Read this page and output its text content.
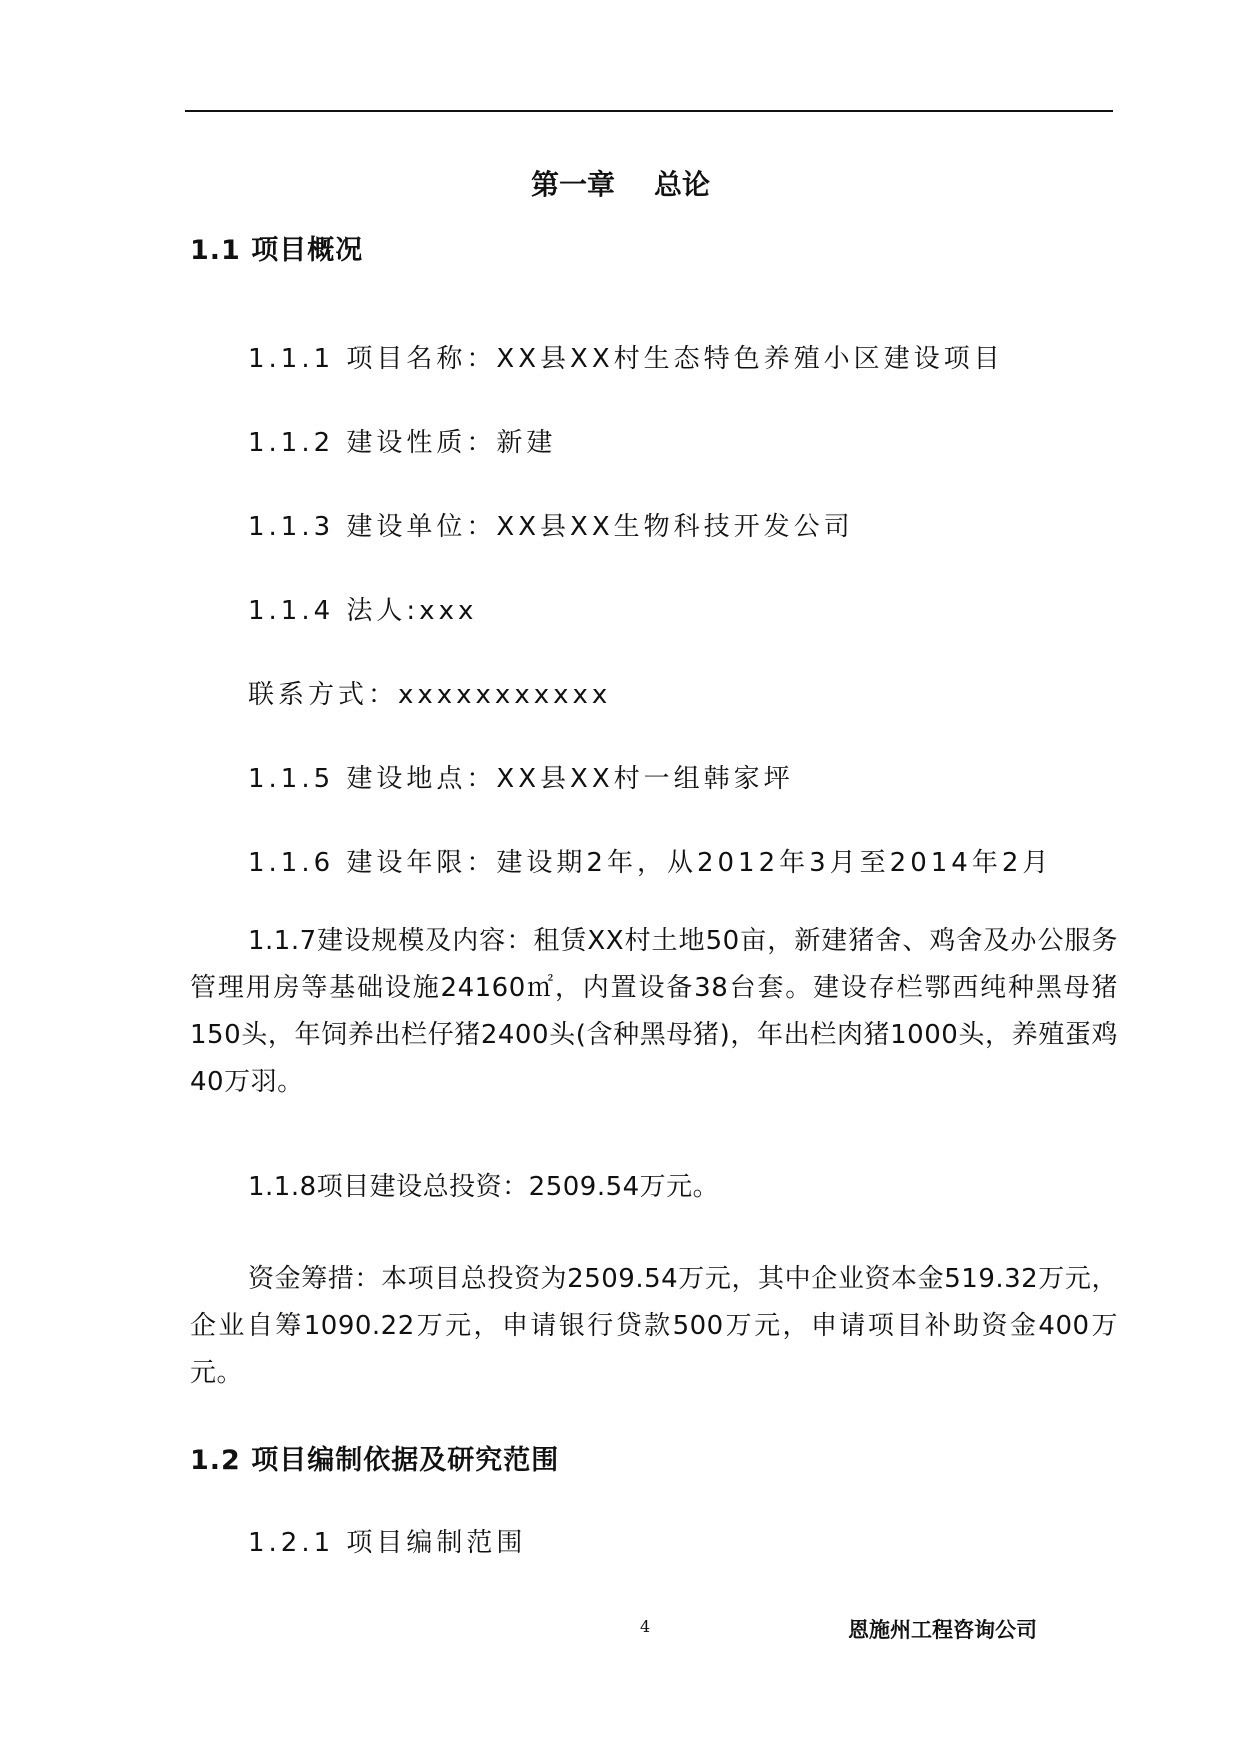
第一章    总论
1.1 项目概况
1.1.1 项目名称：XX县XX村生态特色养殖小区建设项目
1.1.2 建设性质：新建
1.1.3 建设单位：XX县XX生物科技开发公司
1.1.4 法人:xxx
联系方式：xxxxxxxxxxx
1.1.5 建设地点：XX县XX村一组韩家坪
1.1.6 建设年限：建设期2年，从2012年3月至2014年2月
1.1.7建设规模及内容：租赁XX村土地50亩，新建猪舍、鸡舍及办公服务管理用房等基础设施24160㎡，内置设备38台套。建设存栏鄂西纯种黑母猪150头，年饲养出栏仔猪2400头(含种黑母猪)，年出栏肉猪1000头，养殖蛋鸡40万羽。
1.1.8项目建设总投资：2509.54万元。
资金筹措：本项目总投资为2509.54万元，其中企业资本金519.32万元，企业自筹1090.22万元，申请银行贷款500万元，申请项目补助资金400万元。
1.2 项目编制依据及研究范围
1.2.1 项目编制范围
4	恩施州工程咨询公司
